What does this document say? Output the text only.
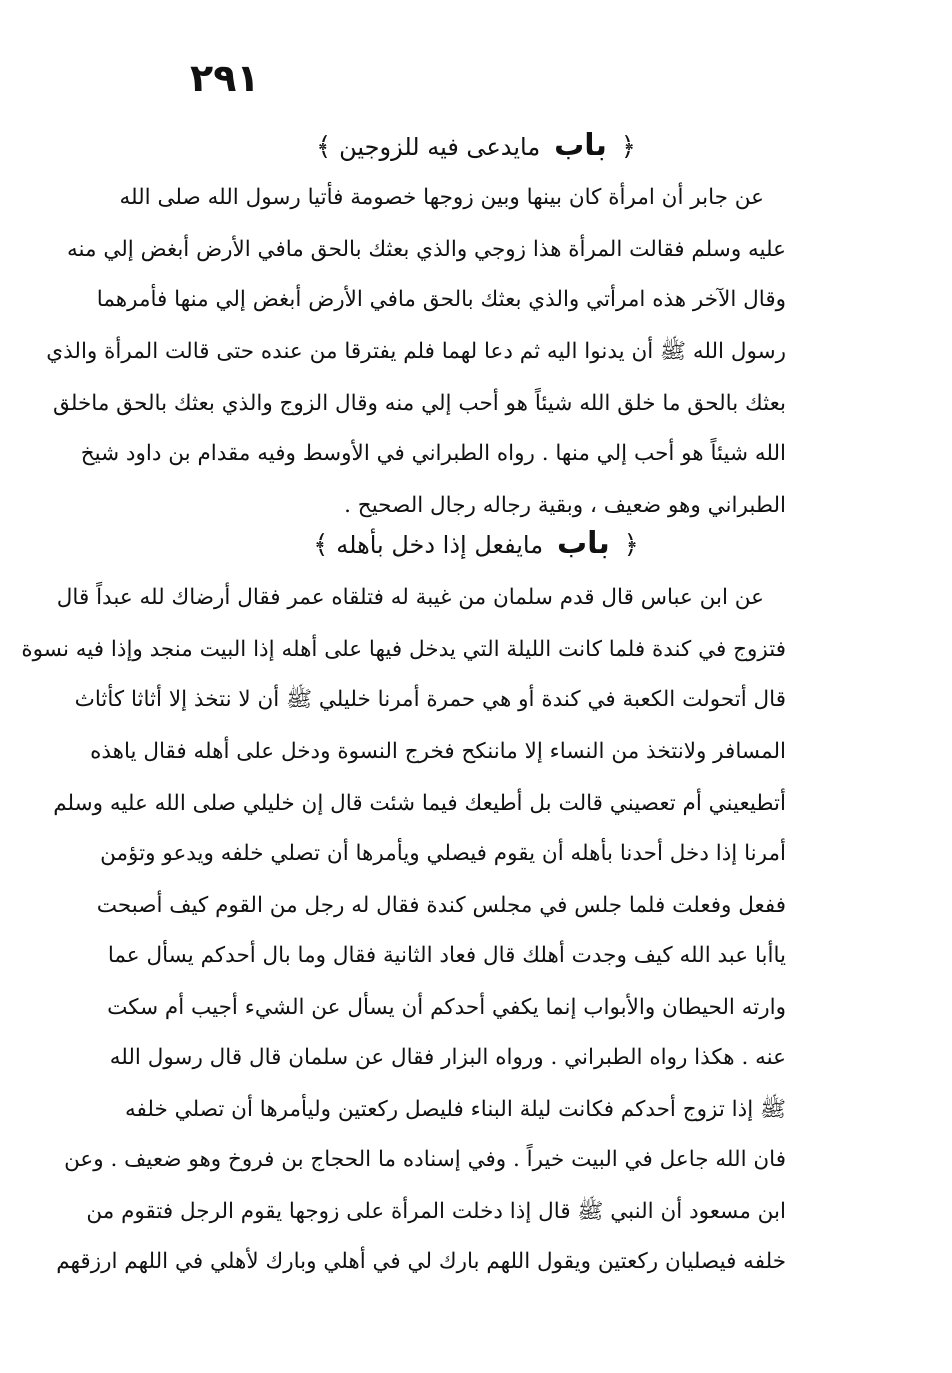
٢٩١
﴿ باب مايدعى فيه للزوجين ﴾
عن جابر أن امرأة كان بينها وبين زوجها خصومة فأتيا رسول الله صلى الله
عليه وسلم فقالت المرأة هذا زوجي والذي بعثك بالحق مافي الأرض أبغض إلي منه
وقال الآخر هذه امرأتي والذي بعثك بالحق مافي الأرض أبغض إلي منها فأمرهما
رسول الله ﷺ أن يدنوا اليه ثم دعا لهما فلم يفترقا من عنده حتى قالت المرأة والذي
بعثك بالحق ما خلق الله شيئاً هو أحب إلي منه وقال الزوج والذي بعثك بالحق ماخلق
الله شيئاً هو أحب إلي منها . رواه الطبراني في الأوسط وفيه مقدام بن داود شيخ
الطبراني وهو ضعيف ، وبقية رجاله رجال الصحيح .
﴿ باب مايفعل إذا دخل بأهله ﴾
عن ابن عباس قال قدم سلمان من غيبة له فتلقاه عمر فقال أرضاك لله عبداً قال
فتزوج في كندة فلما كانت الليلة التي يدخل فيها على أهله إذا البيت منجد وإذا فيه نسوة
قال أتحولت الكعبة في كندة أو هي حمرة أمرنا خليلي ﷺ أن لا نتخذ إلا أثاثا كأثاث
المسافر ولانتخذ من النساء إلا ماننكح فخرج النسوة ودخل على أهله فقال ياهذه
أتطيعيني أم تعصيني قالت بل أطيعك فيما شئت قال إن خليلي صلى الله عليه وسلم
أمرنا إذا دخل أحدنا بأهله أن يقوم فيصلي ويأمرها أن تصلي خلفه ويدعو وتؤمن
ففعل وفعلت فلما جلس في مجلس كندة فقال له رجل من القوم كيف أصبحت
ياأبا عبد الله كيف وجدت أهلك قال فعاد الثانية فقال وما بال أحدكم يسأل عما
وارته الحيطان والأبواب إنما يكفي أحدكم أن يسأل عن الشيء أجيب أم سكت
عنه . هكذا رواه الطبراني . ورواه البزار فقال عن سلمان قال قال رسول الله
ﷺ إذا تزوج أحدكم فكانت ليلة البناء فليصل ركعتين وليأمرها أن تصلي خلفه
فان الله جاعل في البيت خيراً . وفي إسناده ما الحجاج بن فروخ وهو ضعيف . وعن
ابن مسعود أن النبي ﷺ قال إذا دخلت المرأة على زوجها يقوم الرجل فتقوم من
خلفه فيصليان ركعتين ويقول اللهم بارك لي في أهلي وبارك لأهلي في اللهم ارزقهم
